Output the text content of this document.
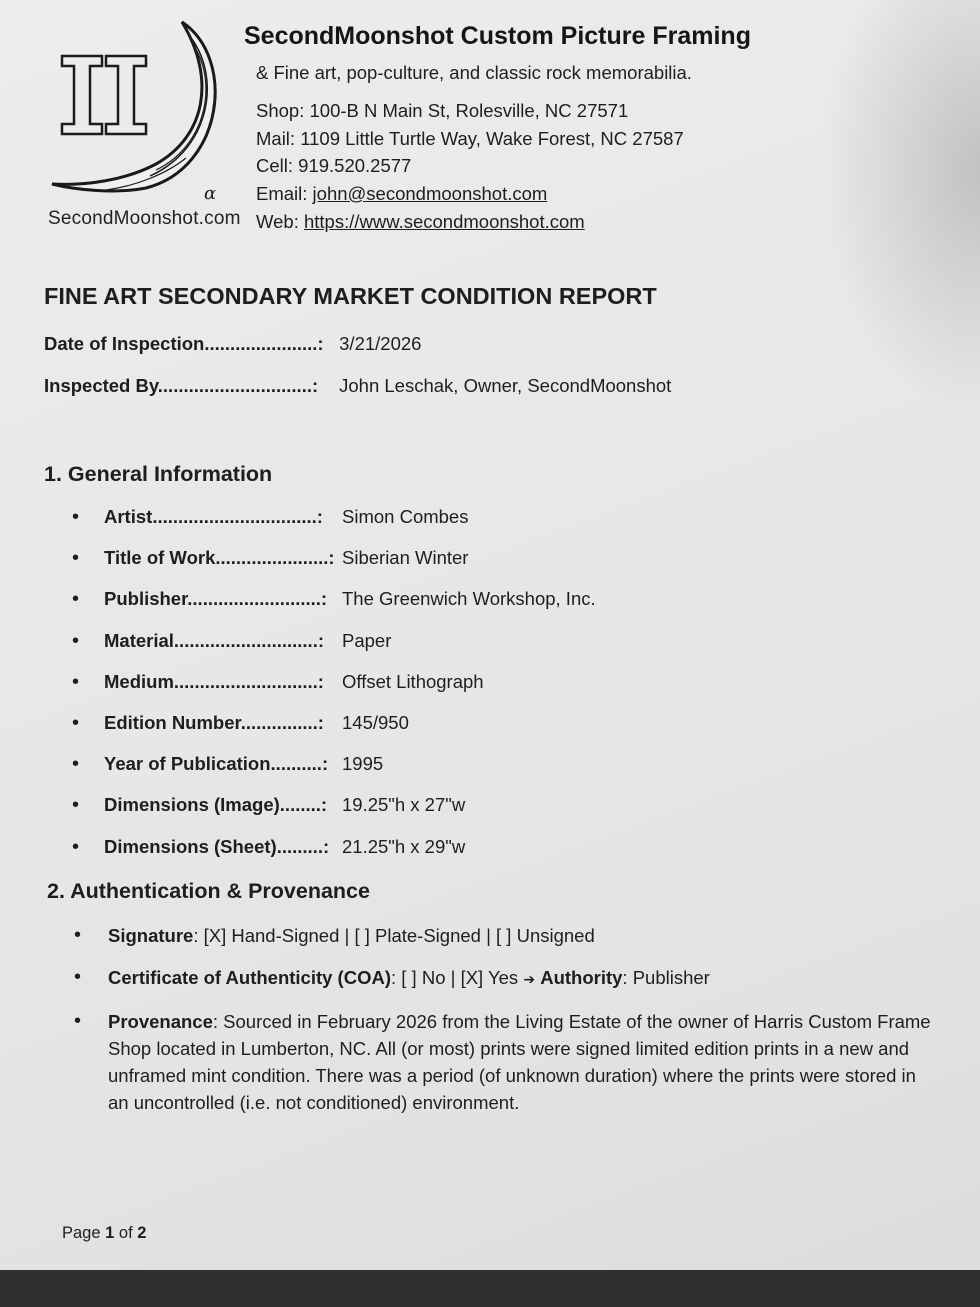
α
SecondMoonshot.com
SecondMoonshot Custom Picture Framing
& Fine art, pop-culture, and classic rock memorabilia.
Shop: 100-B N Main St, Rolesville, NC 27571
Mail: 1109 Little Turtle Way, Wake Forest, NC 27587
Cell: 919.520.2577
Email: john@secondmoonshot.com
Web: https://www.secondmoonshot.com
FINE ART SECONDARY MARKET CONDITION REPORT
Date of Inspection......................: 3/21/2026
Inspected By..............................: John Leschak, Owner, SecondMoonshot
1. General Information
• Artist................................: Simon Combes
• Title of Work......................: Siberian Winter
• Publisher..........................: The Greenwich Workshop, Inc.
• Material............................: Paper
• Medium............................: Offset Lithograph
• Edition Number...............: 145/950
• Year of Publication..........: 1995
• Dimensions (Image)........: 19.25"h x 27"w
• Dimensions (Sheet).........: 21.25"h x 29"w
2. Authentication & Provenance
•	Signature: [X] Hand-Signed | [ ] Plate-Signed | [ ] Unsigned
•	Certificate of Authenticity (COA): [ ] No | [X] Yes ➔ Authority: Publisher
•	Provenance: Sourced in February 2026 from the Living Estate of the owner of Harris Custom Frame Shop located in Lumberton, NC. All (or most) prints were signed limited edition prints in a new and unframed mint condition. There was a period (of unknown duration) where the prints were stored in an uncontrolled (i.e. not conditioned) environment.
Page 1 of 2
